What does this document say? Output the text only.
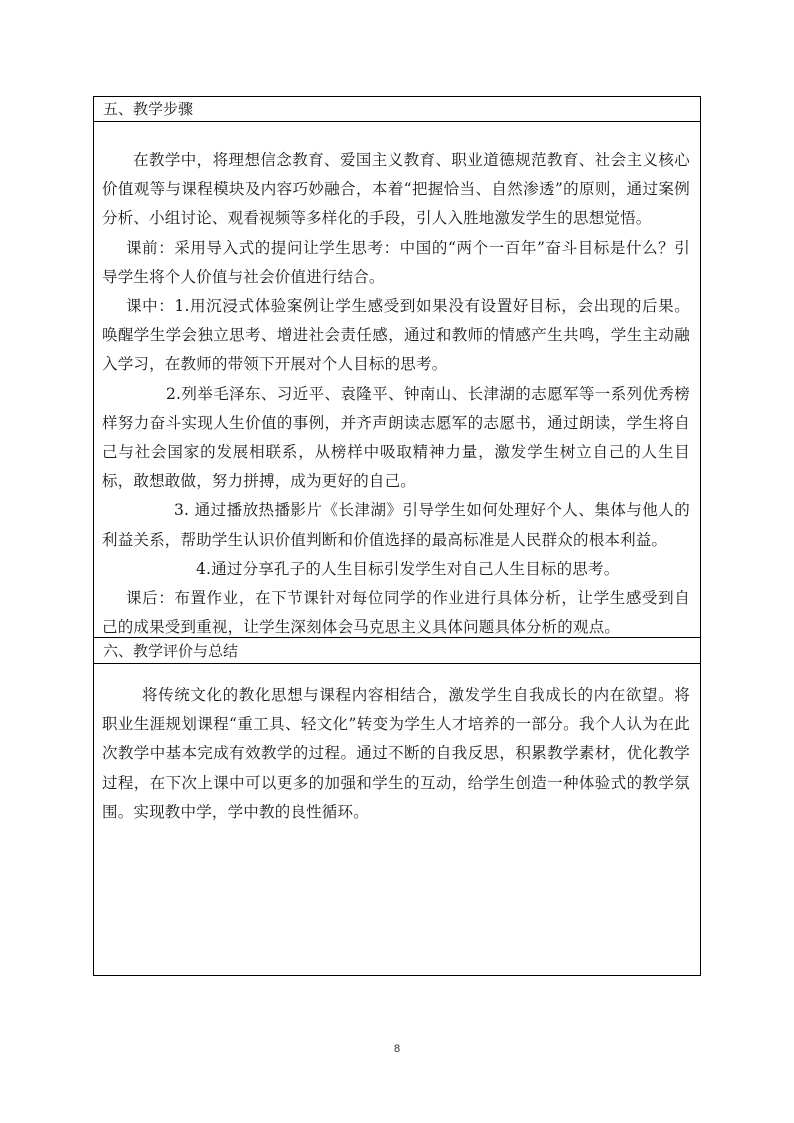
五、教学步骤

在教学中，将理想信念教育、爱国主义教育、职业道德规范教育、社会主义核心价值观等与课程模块及内容巧妙融合，本着“把握恰当、自然渗透”的原则，通过案例分析、小组讨论、观看视频等多样化的手段，引人入胜地激发学生的思想觉悟。

课前：采用导入式的提问让学生思考：中国的“两个一百年”奋斗目标是什么？引导学生将个人价值与社会价值进行结合。

课中：1.用沉浸式体验案例让学生感受到如果没有设置好目标，会出现的后果。唤醒学生学会独立思考、增进社会责任感，通过和教师的情感产生共鸣，学生主动融入学习，在教师的带领下开展对个人目标的思考。

2.列举毛泽东、习近平、袁隆平、钟南山、长津湖的志愿军等一系列优秀榜样努力奋斗实现人生价值的事例，并齐声朗读志愿军的志愿书，通过朗读，学生将自己与社会国家的发展相联系，从榜样中吸取精神力量，激发学生树立自己的人生目标，敢想敢做，努力拼搏，成为更好的自己。

3. 通过播放热播影片《长津湖》引导学生如何处理好个人、集体与他人的利益关系，帮助学生认识价值判断和价值选择的最高标准是人民群众的根本利益。

4.通过分享孔子的人生目标引发学生对自己人生目标的思考。

课后：布置作业，在下节课针对每位同学的作业进行具体分析，让学生感受到自己的成果受到重视，让学生深刻体会马克思主义具体问题具体分析的观点。

六、教学评价与总结

将传统文化的教化思想与课程内容相结合，激发学生自我成长的内在欲望。将职业生涯规划课程“重工具、轻文化”转变为学生人才培养的一部分。我个人认为在此次教学中基本完成有效教学的过程。通过不断的自我反思，积累教学素材，优化教学过程，在下次上课中可以更多的加强和学生的互动，给学生创造一种体验式的教学氛围。实现教中学，学中教的良性循环。

8
